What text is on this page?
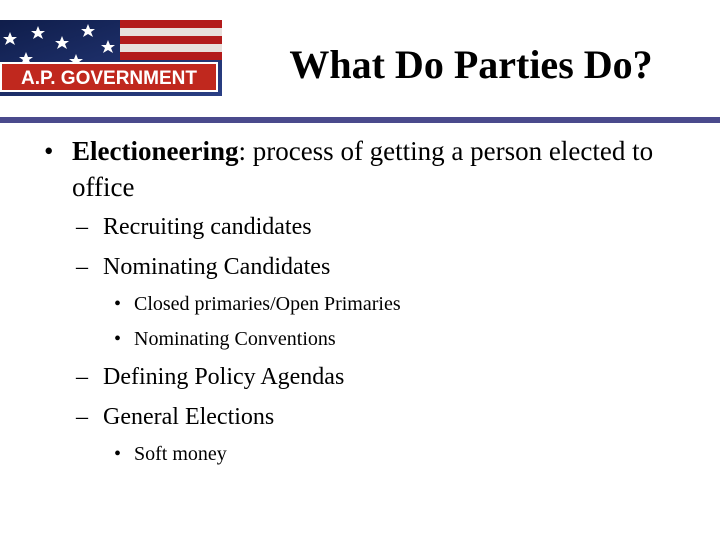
A.P. GOVERNMENT	What Do Parties Do?
• Electioneering: process of getting a person elected to office
– Recruiting candidates
– Nominating Candidates
• Closed primaries/Open Primaries
• Nominating Conventions
– Defining Policy Agendas
– General Elections
• Soft money
